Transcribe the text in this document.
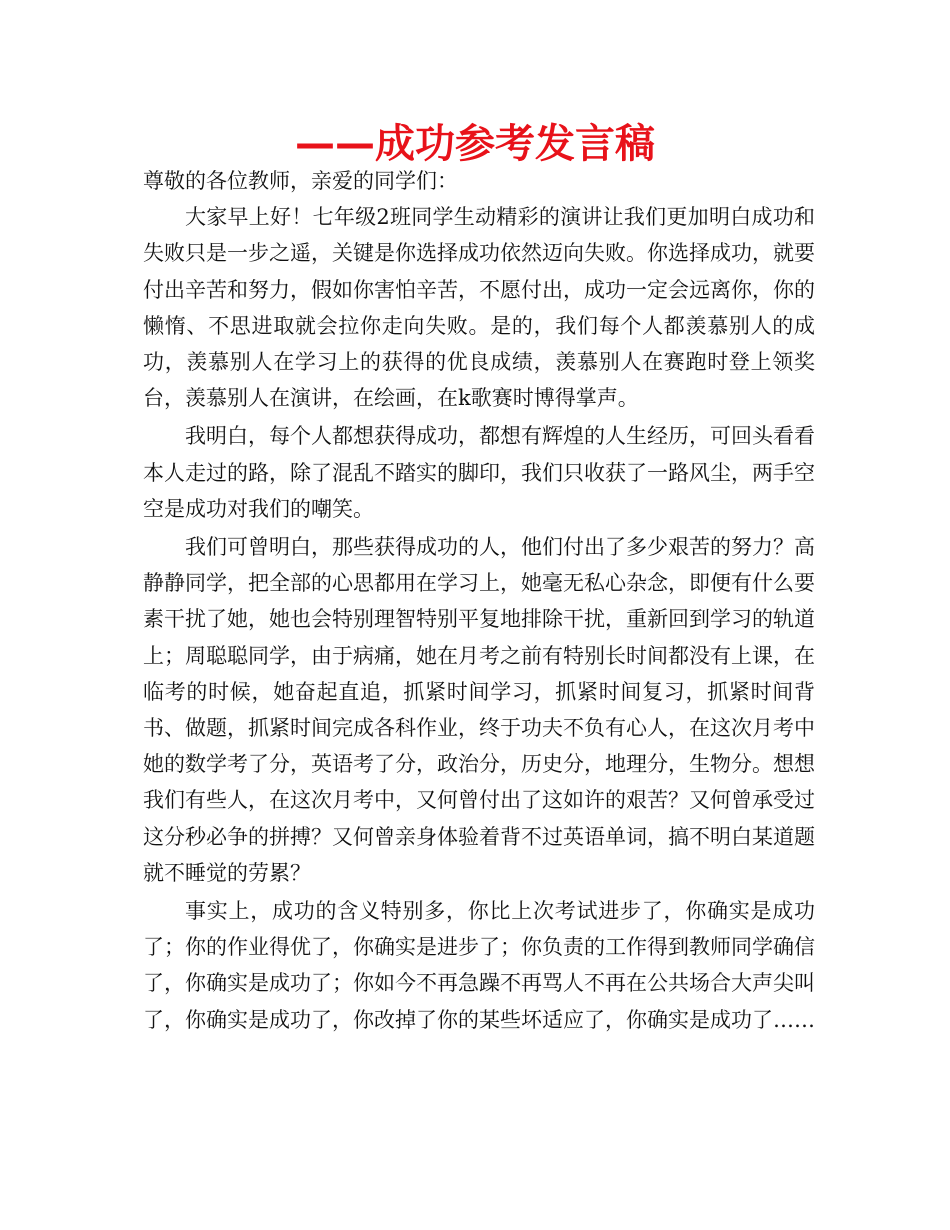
——成功参考发言稿

尊敬的各位教师，亲爱的同学们：

大家早上好！七年级2班同学生动精彩的演讲让我们更加明白成功和失败只是一步之遥，关键是你选择成功依然迈向失败。你选择成功，就要付出辛苦和努力，假如你害怕辛苦，不愿付出，成功一定会远离你，你的懒惰、不思进取就会拉你走向失败。是的，我们每个人都羡慕别人的成功，羡慕别人在学习上的获得的优良成绩，羡慕别人在赛跑时登上领奖台，羡慕别人在演讲，在绘画，在k歌赛时博得掌声。

我明白，每个人都想获得成功，都想有辉煌的人生经历，可回头看看本人走过的路，除了混乱不踏实的脚印，我们只收获了一路风尘，两手空空是成功对我们的嘲笑。

我们可曾明白，那些获得成功的人，他们付出了多少艰苦的努力？高静静同学，把全部的心思都用在学习上，她毫无私心杂念，即便有什么要素干扰了她，她也会特别理智特别平复地排除干扰，重新回到学习的轨道上；周聪聪同学，由于病痛，她在月考之前有特别长时间都没有上课，在临考的时候，她奋起直追，抓紧时间学习，抓紧时间复习，抓紧时间背书、做题，抓紧时间完成各科作业，终于功夫不负有心人，在这次月考中她的数学考了分，英语考了分，政治分，历史分，地理分，生物分。想想我们有些人，在这次月考中，又何曾付出了这如许的艰苦？又何曾承受过这分秒必争的拼搏？又何曾亲身体验着背不过英语单词，搞不明白某道题就不睡觉的劳累？

事实上，成功的含义特别多，你比上次考试进步了，你确实是成功了；你的作业得优了，你确实是进步了；你负责的工作得到教师同学确信了，你确实是成功了；你如今不再急躁不再骂人不再在公共场合大声尖叫了，你确实是成功了，你改掉了你的某些坏适应了，你确实是成功了……
